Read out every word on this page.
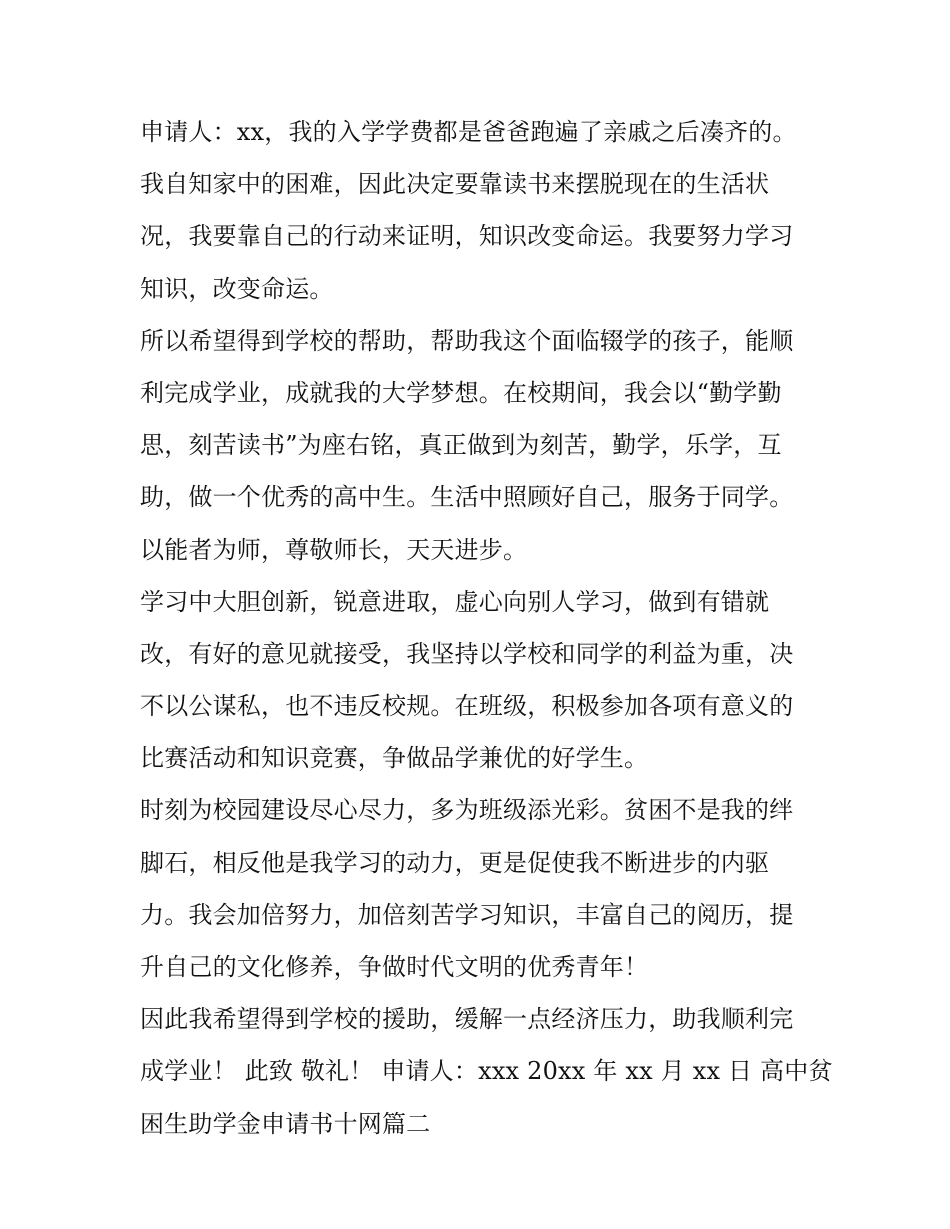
申请人：xx，我的入学学费都是爸爸跑遍了亲戚之后凑齐的。
我自知家中的困难，因此决定要靠读书来摆脱现在的生活状
况，我要靠自己的行动来证明，知识改变命运。我要努力学习
知识，改变命运。
所以希望得到学校的帮助，帮助我这个面临辍学的孩子，能顺
利完成学业，成就我的大学梦想。在校期间，我会以“勤学勤
思，刻苦读书”为座右铭，真正做到为刻苦，勤学，乐学，互
助，做一个优秀的高中生。生活中照顾好自己，服务于同学。
以能者为师，尊敬师长，天天进步。
学习中大胆创新，锐意进取，虚心向别人学习，做到有错就
改，有好的意见就接受，我坚持以学校和同学的利益为重，决
不以公谋私，也不违反校规。在班级，积极参加各项有意义的
比赛活动和知识竞赛，争做品学兼优的好学生。
时刻为校园建设尽心尽力，多为班级添光彩。贫困不是我的绊
脚石，相反他是我学习的动力，更是促使我不断进步的内驱
力。我会加倍努力，加倍刻苦学习知识，丰富自己的阅历，提
升自己的文化修养，争做时代文明的优秀青年！
因此我希望得到学校的援助，缓解一点经济压力，助我顺利完
成学业！ 此致 敬礼！ 申请人：xxx 20xx 年 xx 月 xx 日 高中贫
困生助学金申请书十网篇二
